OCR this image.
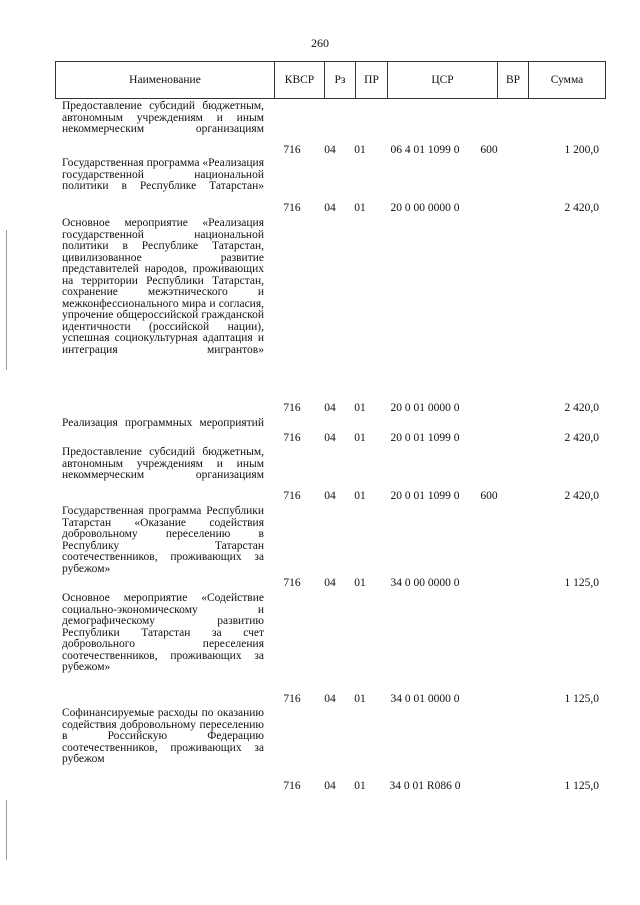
260
Наименование	КВСР	Рз	ПР	ЦСР	ВР	Сумма
Предоставление субсидий бюджетным, автономным учреждениям и иным некоммерческим организациям
716	04	01	06 4 01 1099 0	600	1 200,0
Государственная программа «Реализация государственной национальной политики в Республике Татарстан»
716	04	01	20 0 00 0000 0	2 420,0
Основное мероприятие «Реализация государственной национальной политики в Республике Татарстан, цивилизованное развитие представителей народов, проживающих на территории Республики Татарстан, сохранение межэтнического и межконфессионального мира и согласия, упрочение общероссийской гражданской идентичности (российской нации), успешная социокультурная адаптация и интеграция мигрантов»
716	04	01	20 0 01 0000 0	2 420,0
Реализация программных мероприятий
716	04	01	20 0 01 1099 0	2 420,0
Предоставление субсидий бюджетным, автономным учреждениям и иным некоммерческим организациям
716	04	01	20 0 01 1099 0	600	2 420,0
Государственная программа Республики Татарстан «Оказание содействия добровольному переселению в Республику Татарстан соотечественников, проживающих за рубежом»
716	04	01	34 0 00 0000 0	1 125,0
Основное мероприятие «Содействие социально-экономическому и демографическому развитию Республики Татарстан за счет добровольного переселения соотечественников, проживающих за рубежом»
716	04	01	34 0 01 0000 0	1 125,0
Софинансируемые расходы по оказанию содействия добровольному переселению в Российскую Федерацию соотечественников, проживающих за рубежом
716	04	01	34 0 01 R086 0	1 125,0
